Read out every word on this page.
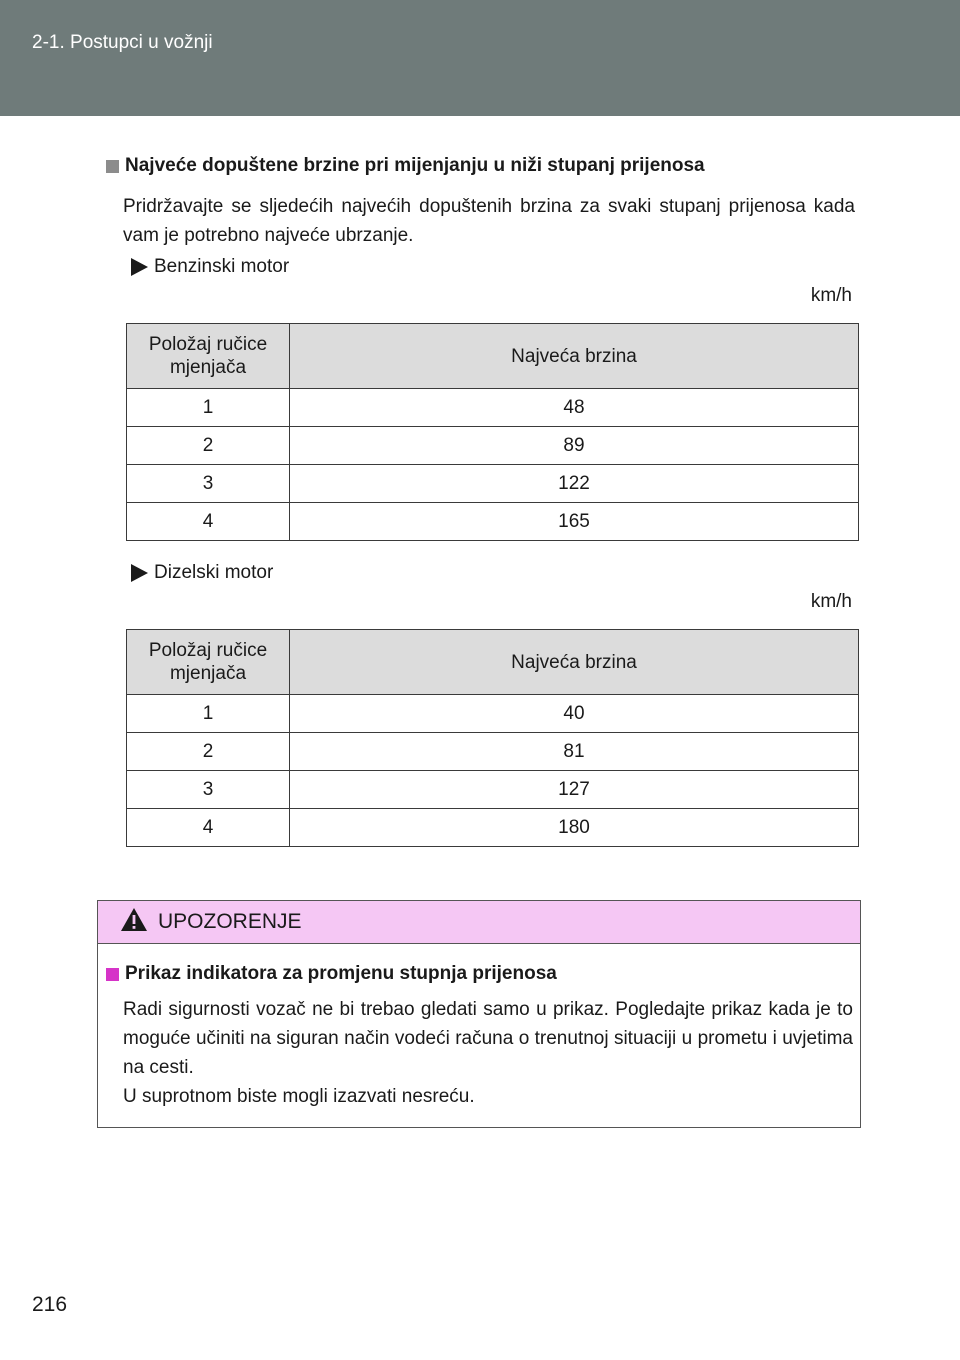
2-1. Postupci u vožnji
Najveće dopuštene brzine pri mijenjanju u niži stupanj prijenosa
Pridržavajte se sljedećih najvećih dopuštenih brzina za svaki stupanj prijenosa kada vam je potrebno najveće ubrzanje.
Benzinski motor
km/h
Položaj ručice
mjenjača	Najveća brzina
1	48
2	89
3	122
4	165
Dizelski motor
km/h
Položaj ručice
mjenjača	Najveća brzina
1	40
2	81
3	127
4	180
UPOZORENJE
Prikaz indikatora za promjenu stupnja prijenosa

Radi sigurnosti vozač ne bi trebao gledati samo u prikaz. Pogledajte prikaz kada je to moguće učiniti na siguran način vodeći računa o trenutnoj situaciji u prometu i uvjetima na cesti.

U suprotnom biste mogli izazvati nesreću.

216
